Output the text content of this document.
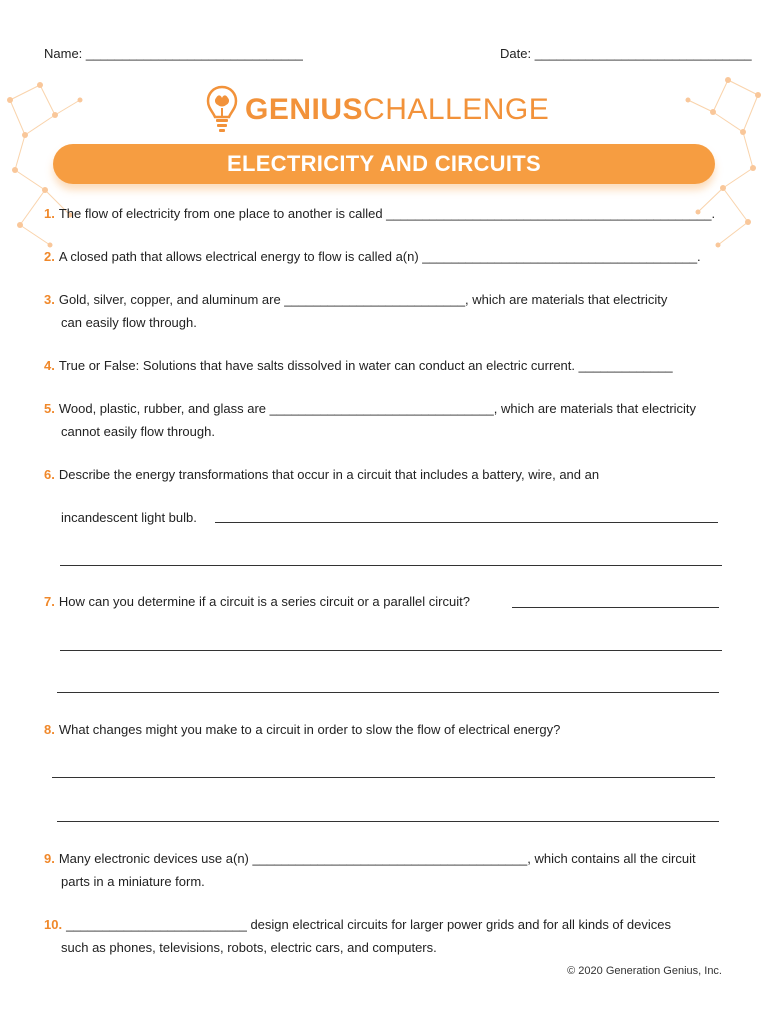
Name: ______________________________	Date: ______________________________
GENIUSCHALLENGE
ELECTRICITY AND CIRCUITS
1. The flow of electricity from one place to another is called _____________________________________________.
2. A closed path that allows electrical energy to flow is called a(n) ______________________________________.
3. Gold, silver, copper, and aluminum are _________________________, which are materials that electricity
can easily flow through.
4. True or False: Solutions that have salts dissolved in water can conduct an electric current. _____________
5. Wood, plastic, rubber, and glass are _______________________________, which are materials that electricity
cannot easily flow through.
6. Describe the energy transformations that occur in a circuit that includes a battery, wire, and an
incandescent light bulb.
7. How can you determine if a circuit is a series circuit or a parallel circuit?
8. What changes might you make to a circuit in order to slow the flow of electrical energy?
9. Many electronic devices use a(n) ______________________________________, which contains all the circuit
parts in a miniature form.
10. _________________________ design electrical circuits for larger power grids and for all kinds of devices
such as phones, televisions, robots, electric cars, and computers.
© 2020 Generation Genius, Inc.
